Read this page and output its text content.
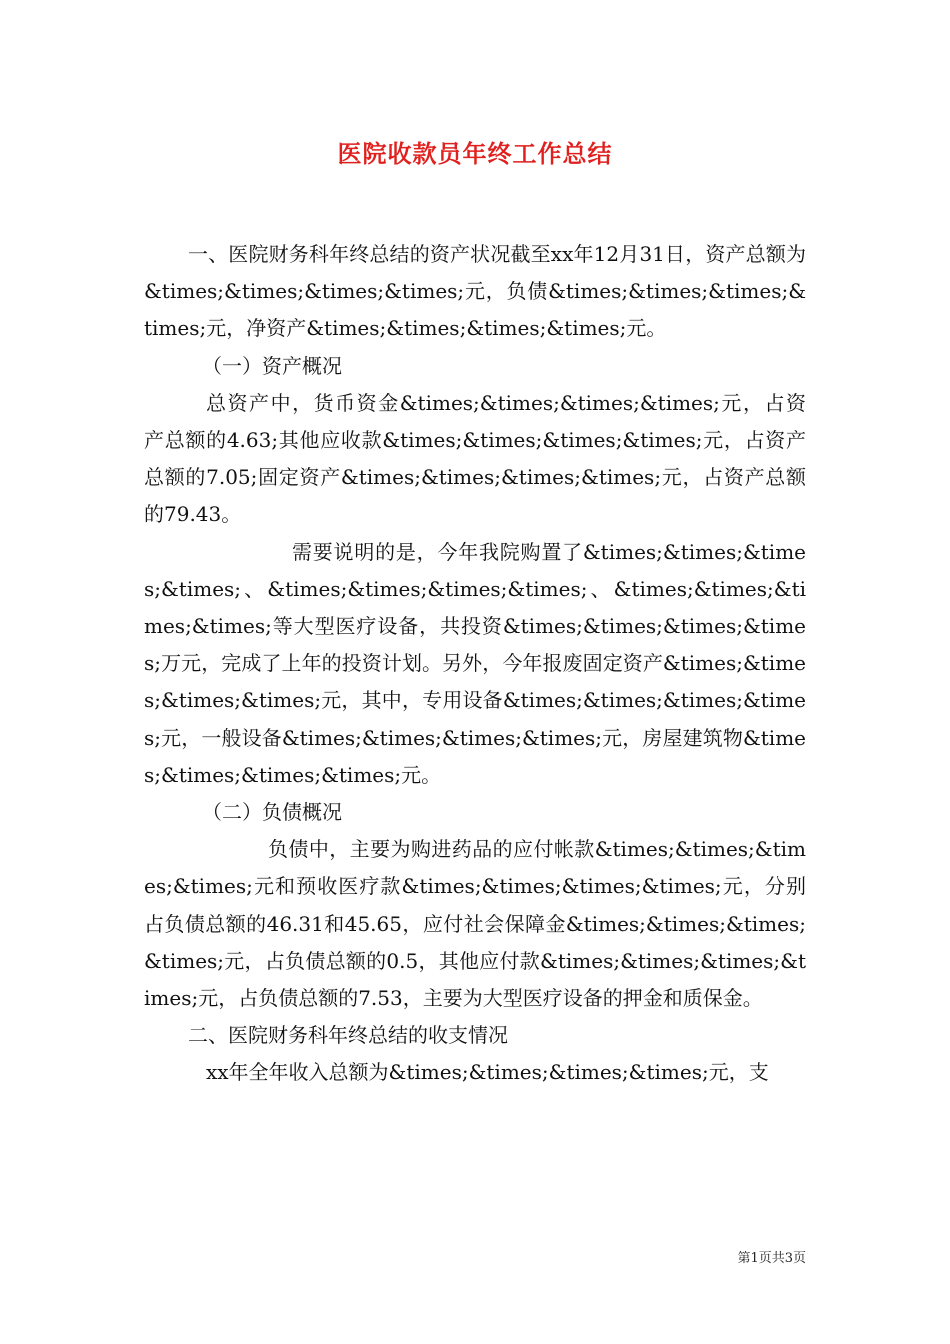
医院收款员年终工作总结

一、医院财务科年终总结的资产状况截至xx年12月31日，资产总额为&times;&times;&times;&times;元，负债&times;&times;&times;&times;元，净资产&times;&times;&times;&times;元。

（一）资产概况

总资产中，货币资金&times;&times;&times;&times;元，占资产总额的4.63;其他应收款&times;&times;&times;&times;元，占资产总额的7.05;固定资产&times;&times;&times;&times;元，占资产总额的79.43。

需要说明的是，今年我院购置了&times;&times;&times;&times;、&times;&times;&times;&times;、&times;&times;&times;&times;等大型医疗设备，共投资&times;&times;&times;&times;万元，完成了上年的投资计划。另外，今年报废固定资产&times;&times;&times;&times;元，其中，专用设备&times;&times;&times;&times;元，一般设备&times;&times;&times;&times;元，房屋建筑物&times;&times;&times;&times;元。

（二）负债概况

负债中，主要为购进药品的应付帐款&times;&times;&times;&times;元和预收医疗款&times;&times;&times;&times;元，分别占负债总额的46.31和45.65，应付社会保障金&times;&times;&times;&times;元，占负债总额的0.5，其他应付款&times;&times;&times;&times;元，占负债总额的7.53，主要为大型医疗设备的押金和质保金。

二、医院财务科年终总结的收支情况

xx年全年收入总额为&times;&times;&times;&times;元，支

第1页共3页
